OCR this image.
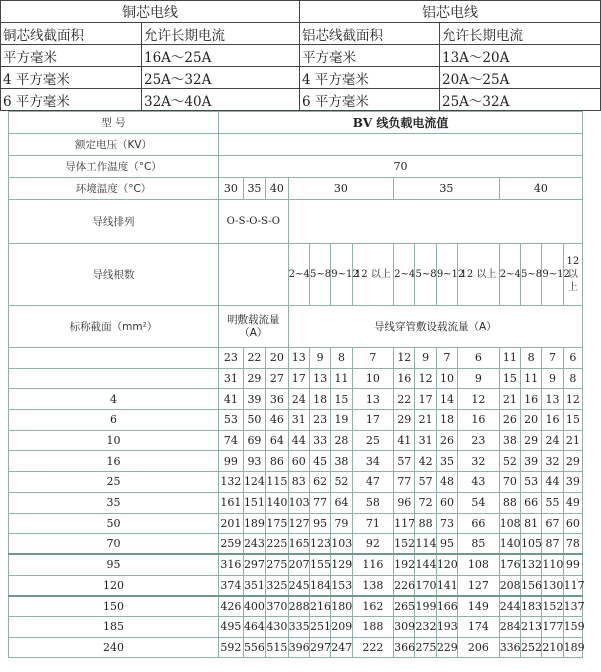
铜芯电线		铝芯电线	
铜芯线截面积	允许长期电流	铝芯线截面积	允许长期电流
平方毫米	16A～25A	平方毫米	13A～20A
4 平方毫米	25A～32A	4 平方毫米	20A～25A
6 平方毫米	32A～40A	6 平方毫米	25A～32A
型 号	BV 线负载电流值														
额定电压（KV）															
导体工作温度（°C）	70														
环境温度（°C）	30	35	40	30				35				40			
导线排列	O-S-O-S-O														
导线根数				2~4	5~8	9~12	12 以上	2~4	5~8	9~12	12 以上	2~4	5~8	9~12	12 以上
标称截面（mm²）	明敷载流量（A）			导线穿管敷设载流量（A）											
	23	22	20	13	9	8	7	12	9	7	6	11	8	7	6
	31	29	27	17	13	11	10	16	12	10	9	15	11	9	8
4	41	39	36	24	18	15	13	22	17	14	12	21	16	13	12
6	53	50	46	31	23	19	17	29	21	18	16	26	20	16	15
10	74	69	64	44	33	28	25	41	31	26	23	38	29	24	21
16	99	93	86	60	45	38	34	57	42	35	32	52	39	32	29
25	132	124	115	83	62	52	47	77	57	48	43	70	53	44	39
35	161	151	140	103	77	64	58	96	72	60	54	88	66	55	49
50	201	189	175	127	95	79	71	117	88	73	66	108	81	67	60
70	259	243	225	165	123	103	92	152	114	95	85	140	105	87	78
95	316	297	275	207	155	129	116	192	144	120	108	176	132	110	99
120	374	351	325	245	184	153	138	226	170	141	127	208	156	130	117
150	426	400	370	288	216	180	162	265	199	166	149	244	183	152	137
185	495	464	430	335	251	209	188	309	232	193	174	284	213	177	159
240	592	556	515	396	297	247	222	366	275	229	206	336	252	210	189
